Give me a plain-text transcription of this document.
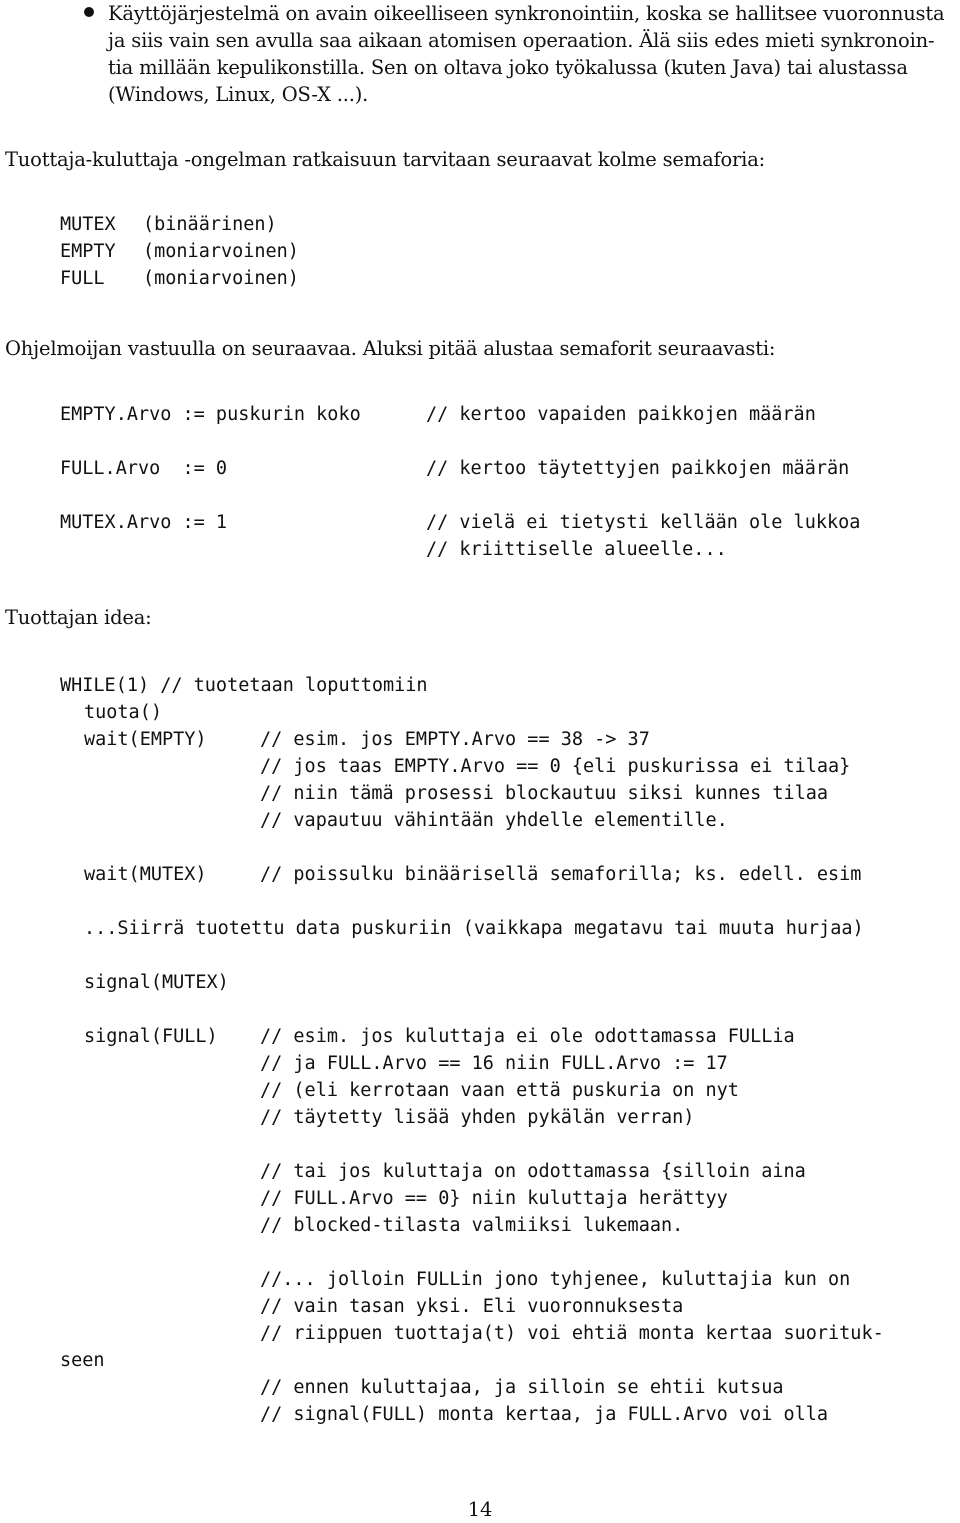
Käyttöjärjestelmä on avain oikeelliseen synkronointiin, koska se hallitsee vuoronnusta
ja siis vain sen avulla saa aikaan atomisen operaation. Älä siis edes mieti synkronoin-
tia millään kepulikonstilla. Sen on oltava joko työkalussa (kuten Java) tai alustassa
(Windows, Linux, OS-X ...).
Tuottaja-kuluttaja -ongelman ratkaisuun tarvitaan seuraavat kolme semaforia:
MUTEX (binäärinen)
EMPTY (moniarvoinen)
FULL (moniarvoinen)
Ohjelmoijan vastuulla on seuraavaa. Aluksi pitää alustaa semaforit seuraavasti:
EMPTY.Arvo := puskurin koko	// kertoo vapaiden paikkojen määrän
FULL.Arvo  := 0	// kertoo täytettyjen paikkojen määrän
MUTEX.Arvo := 1	// vielä ei tietysti kellään ole lukkoa
// kriittiselle alueelle...
Tuottajan idea:
WHILE(1) // tuotetaan loputtomiin
tuota()
wait(EMPTY)	// esim. jos EMPTY.Arvo == 38 -> 37
// jos taas EMPTY.Arvo == 0 {eli puskurissa ei tilaa}
// niin tämä prosessi blockautuu siksi kunnes tilaa
// vapautuu vähintään yhdelle elementille.
wait(MUTEX)	// poissulku binäärisellä semaforilla; ks. edell. esim
...Siirrä tuotettu data puskuriin (vaikkapa megatavu tai muuta hurjaa)
signal(MUTEX)
signal(FULL) // esim. jos kuluttaja ei ole odottamassa FULLia
// ja FULL.Arvo == 16 niin FULL.Arvo := 17
// (eli kerrotaan vaan että puskuria on nyt
// täytetty lisää yhden pykälän verran)
// tai jos kuluttaja on odottamassa {silloin aina
// FULL.Arvo == 0} niin kuluttaja herättyy
// blocked-tilasta valmiiksi lukemaan.
//... jolloin FULLin jono tyhjenee, kuluttajia kun on
// vain tasan yksi. Eli vuoronnuksesta
// riippuen tuottaja(t) voi ehtiä monta kertaa suorituk-
seen
// ennen kuluttajaa, ja silloin se ehtii kutsua
// signal(FULL) monta kertaa, ja FULL.Arvo voi olla
14
